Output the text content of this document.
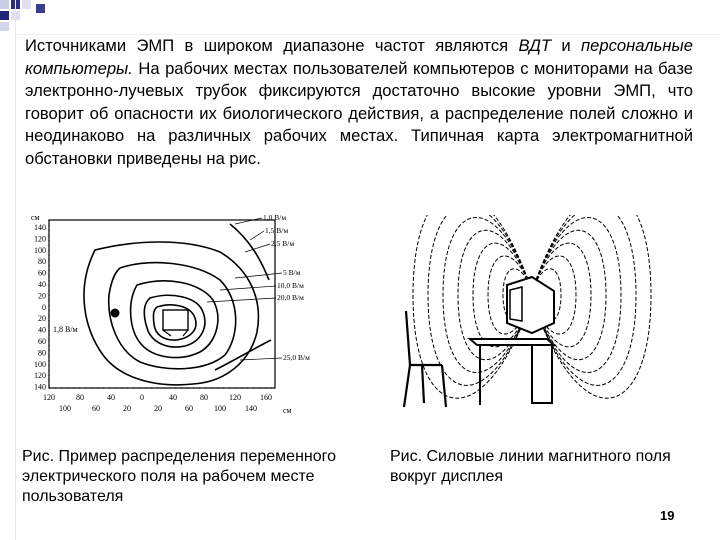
Источниками ЭМП в широком диапазоне частот являются ВДТ и персональные компьютеры. На рабочих местах пользователей компьютеров с мониторами на базе электронно-лучевых трубок фиксируются достаточно высокие уровни ЭМП, что говорит об опасности их биологического действия, а распределение полей сложно и неодинаково на различных рабочих местах. Типичная карта электромагнитной обстановки приведены на рис.

см
140
120
100
80
60
40
20
0
20
40
60
80
100
120
140
1,8 В/м
1,0 В/м
1,5 В/м
2,5 В/м
5 В/м
10,0 В/м
20,0 В/м
25,0 В/м
120	80	40	0	40	80	120 160
100	60	20	20	60	100 140	см

Рис. Пример распределения переменного электрического поля на рабочем месте пользователя

Рис. Силовые линии магнитного поля вокруг дисплея

19
